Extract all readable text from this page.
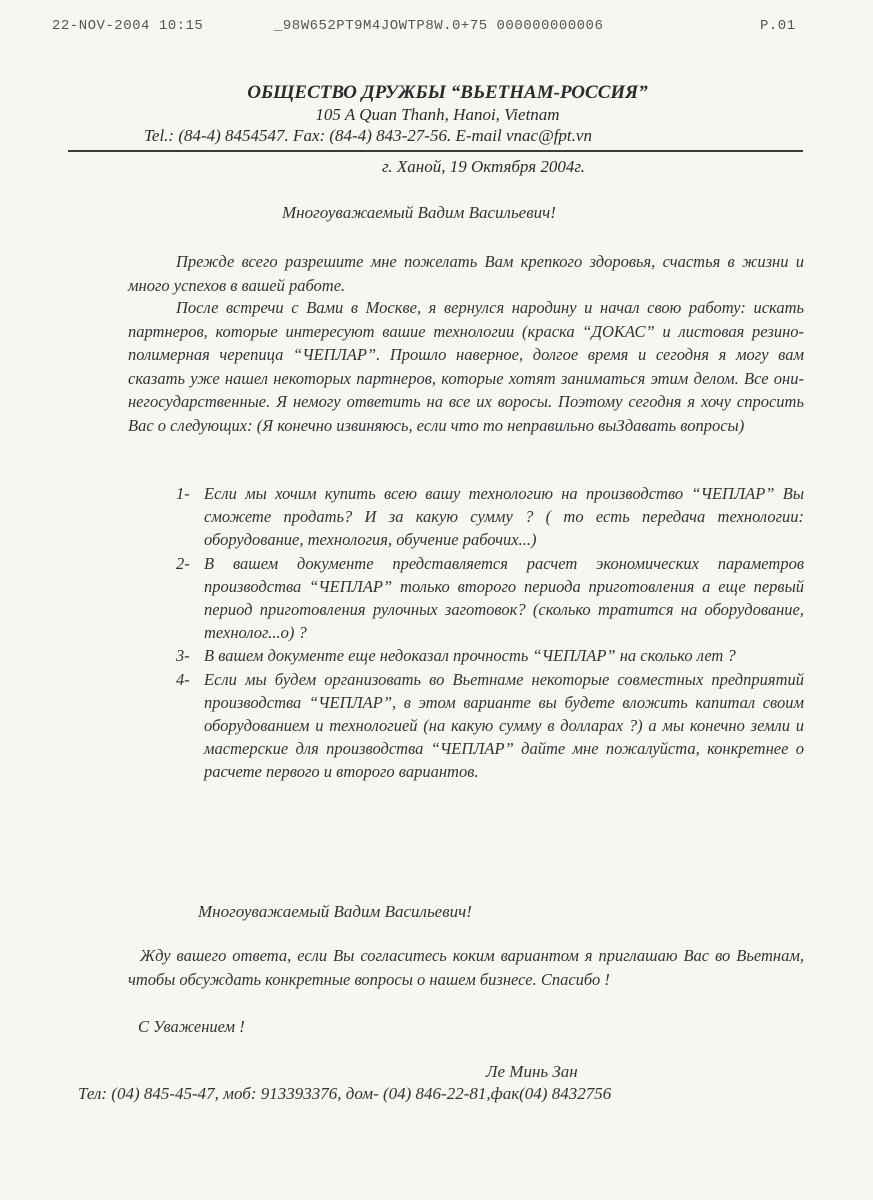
22-NOV-2004 10:15	_98W652PT9M4JOWTP8W.0+75 000000000006	P.01
ОБЩЕСТВО ДРУЖБЫ “ВЬЕТНАМ-РОССИЯ”
105 A Quan Thanh, Hanoi, Vietnam
Tel.: (84-4) 8454547. Fax: (84-4) 843-27-56. E-mail vnac@fpt.vn
г. Ханой, 19 Октября 2004г.
Многоуважаемый Вадим Васильевич!
Прежде всего разрешите мне пожелать Вам крепкого здоровья, счастья в жизни и много успехов в вашей работе.
После встречи с Вами в Москве, я вернулся народину и начал свою работу: искать партнеров, которые интересуют вашие технологии (краска “ДОКАС” и листовая резино-полимерная черепица “ЧЕПЛАР”. Прошло наверное, долгое время и сегодня я могу вам сказать уже нашел некоторых партнеров, которые хотят заниматься этим делом. Все они-негосударственные. Я немогу ответить на все их воросы. Поэтому сегодня я хочу спросить Вас о следующих: (Я конечно извиняюсь, если что то неправильно выЗдавать вопросы)
1- Если мы хочим купить всею вашу технологию на производство “ЧЕПЛАР” Вы сможете продать? И за какую сумму ? ( то есть передача технологии: оборудование, технология, обучение рабочих...)
2- В вашем документе представляется расчет экономических параметров производства “ЧЕПЛАР” только второго периода приготовления а еще первый период приготовления рулочных заготовок? (сколько тратится на оборудование, технолог...о) ?
3- В вашем документе еще недоказал прочность “ЧЕПЛАР” на сколько лет ?
4- Если мы будем организовать во Вьетнаме некоторые совместных предприятий производства “ЧЕПЛАР”, в этом варианте вы будете вложить капитал своим оборудованием и технологией (на какую сумму в долларах ?) а мы конечно земли и мастерские для производства “ЧЕПЛАР” дайте мне пожалуйста, конкретнее о расчете первого и второго вариантов.
Многоуважаемый Вадим Васильевич!
Жду вашего ответа, если Вы согласитесь коким вариантом я приглашаю Вас во Вьетнам, чтобы обсуждать конкретные вопросы о нашем бизнесе. Спасибо !
С Уважением !
Ле Минь Зан
Тел: (04) 845-45-47, моб: 913393376, дом- (04) 846-22-81,фак(04) 8432756
